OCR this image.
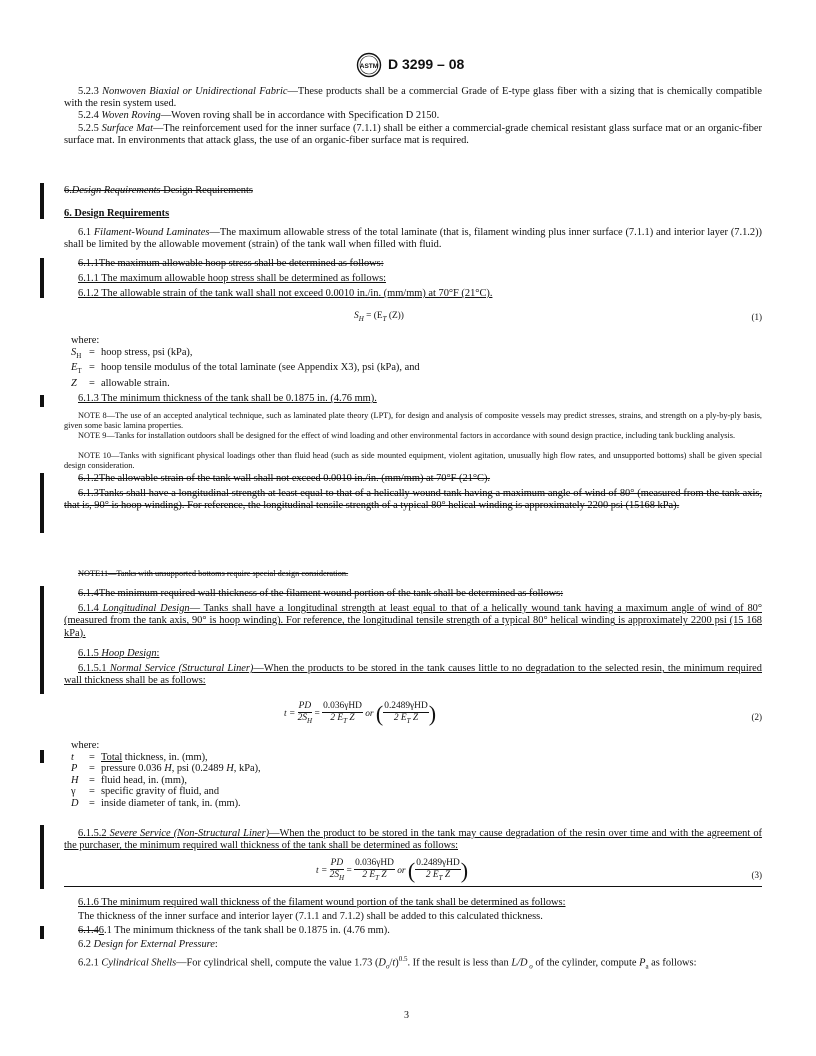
ASTM D 3299 – 08
5.2.3 Nonwoven Biaxial or Unidirectional Fabric—These products shall be a commercial Grade of E-type glass fiber with a sizing that is chemically compatible with the resin system used.
5.2.4 Woven Roving—Woven roving shall be in accordance with Specification D 2150.
5.2.5 Surface Mat—The reinforcement used for the inner surface (7.1.1) shall be either a commercial-grade chemical resistant glass surface mat or an organic-fiber surface mat. In environments that attack glass, the use of an organic-fiber surface mat is required.
6.Design Requirements Design Requirements
6. Design Requirements
6.1 Filament-Wound Laminates—The maximum allowable stress of the total laminate (that is, filament winding plus inner surface (7.1.1) and interior layer (7.1.2)) shall be limited by the allowable movement (strain) of the tank wall when filled with fluid.
6.1.1The maximum allowable hoop stress shall be determined as follows:
6.1.1 The maximum allowable hoop stress shall be determined as follows:
6.1.2 The allowable strain of the tank wall shall not exceed 0.0010 in./in. (mm/mm) at 70°F (21°C).
$S_H = (E_T$ (Z))	(1)
where:
$S_H$ = hoop stress, psi (kPa),
$E_T$ = hoop tensile modulus of the total laminate (see Appendix X3), psi (kPa), and
Z = allowable strain.
6.1.3 The minimum thickness of the tank shall be 0.1875 in. (4.76 mm).
NOTE 8—The use of an accepted analytical technique, such as laminated plate theory (LPT), for design and analysis of composite vessels may predict stresses, strains, and strength on a ply-by-ply basis, given some basic lamina properties.
NOTE 9—Tanks for installation outdoors shall be designed for the effect of wind loading and other environmental factors in accordance with sound design practice, including tank buckling analysis.
NOTE 10—Tanks with significant physical loadings other than fluid head (such as side mounted equipment, violent agitation, unusually high flow rates, and unsupported bottoms) shall be given special design consideration.
6.1.2The allowable strain of the tank wall shall not exceed 0.0010 in./in. (mm/mm) at 70°F (21°C).
6.1.3Tanks shall have a longitudinal strength at least equal to that of a helically wound tank having a maximum angle of wind of 80° (measured from the tank axis, that is, 90° is hoop winding). For reference, the longitudinal tensile strength of a typical 80° helical winding is approximately 2200 psi (15168 kPa).
NOTE11—Tanks with unsupported bottoms require special design consideration.
6.1.4The minimum required wall thickness of the filament wound portion of the tank shall be determined as follows:
6.1.4 Longitudinal Design— Tanks shall have a longitudinal strength at least equal to that of a helically wound tank having a maximum angle of wind of 80° (measured from the tank axis, 90° is hoop winding). For reference, the longitudinal tensile strength of a typical 80° helical winding is approximately 2200 psi (15 168 kPa).
6.1.5 Hoop Design:
6.1.5.1 Normal Service (Structural Liner)—When the products to be stored in the tank causes little to no degradation to the selected resin, the minimum required wall thickness shall be as follows:
$t = \frac{PD}{2S_H} = \frac{\text{0.036γHD}}{2 E_T Z}$ or ( $\frac{\text{0.2489γHD}}{2 E_T Z}$ )	(2)
where:
t = Total thickness, in. (mm),
P = pressure 0.036 H, psi (0.2489 H, kPa),
H = fluid head, in. (mm),
γ = specific gravity of fluid, and
D = inside diameter of tank, in. (mm).
6.1.5.2 Severe Service (Non-Structural Liner)—When the product to be stored in the tank may cause degradation of the resin over time and with the agreement of the purchaser, the minimum required wall thickness of the tank shall be determined as follows:
$t = \frac{PD}{2S_H} = \frac{\text{0.036γHD}}{2 E_T Z}$ or ( $\frac{\text{0.2489γHD}}{2 E_T Z}$ )	(3)
6.1.6 The minimum required wall thickness of the filament wound portion of the tank shall be determined as follows:
The thickness of the inner surface and interior layer (7.1.1 and 7.1.2) shall be added to this calculated thickness.
6.1.46.1 The minimum thickness of the tank shall be 0.1875 in. (4.76 mm).
6.2 Design for External Pressure:
6.2.1 Cylindrical Shells—For cylindrical shell, compute the value 1.73 $(D_o/t)^{0.5}$. If the result is less than L/D $_o$ of the cylinder, compute $P_a$ as follows:
3
